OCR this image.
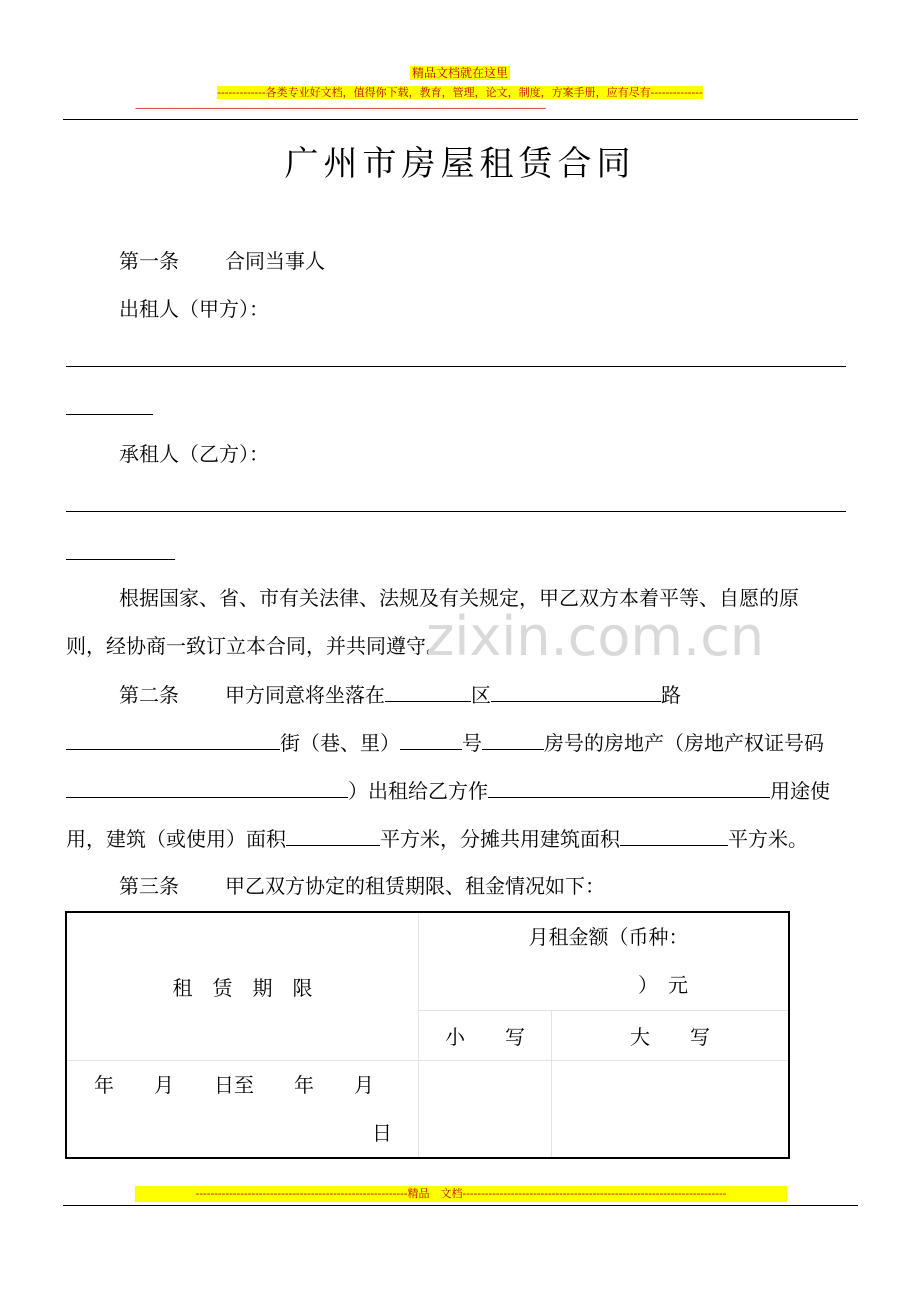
精品文档就在这里
-------------各类专业好文档，值得你下载，教育，管理，论文，制度，方案手册，应有尽有--------------
---------------------------------------------------------------------------------------------------------------------------------------------------------------------------------------------------------
广州市房屋租赁合同
第一条 合同当事人
出租人（甲方）：
承租人（乙方）：
根据国家、省、市有关法律、法规及有关规定，甲乙双方本着平等、自愿的原
则，经协商一致订立本合同，并共同遵守。
zixin.com.cn
第二条 甲方同意将坐落在	区	路
街（巷、里）	号	房号的房地产（房地产权证号码
）出租给乙方作	用途使
用，建筑（或使用）面积	平方米，分摊共用建筑面积	平方米。
第三条 甲乙双方协定的租赁期限、租金情况如下：
租　赁　期　限	月租金额（币种：
）　元	

	小　　写	大　　写

年　　月　　日至　　年　　月
日		

---------------------------------------------------------精品　文档-----------------------------------------------------------------------
